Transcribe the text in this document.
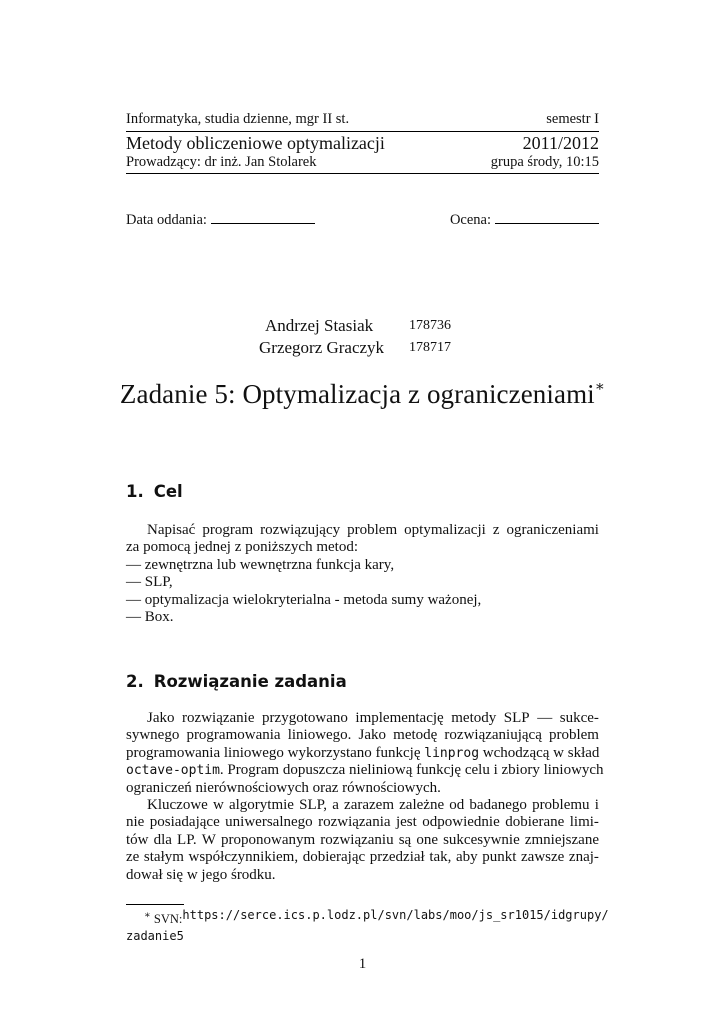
Informatyka, studia dzienne, mgr II st.	semestr I
Metody obliczeniowe optymalizacji	2011/2012
Prowadzący: dr inż. Jan Stolarek	grupa środy, 10:15
Data oddania:	Ocena:
Andrzej Stasiak	178736
Grzegorz Graczyk 178717
Zadanie 5: Optymalizacja z ograniczeniami∗
1. Cel
Napisać program rozwiązujący problem optymalizacji z ograniczeniami
za pomocą jednej z poniższych metod:
— zewnętrzna lub wewnętrzna funkcja kary,
— SLP,
— optymalizacja wielokryterialna - metoda sumy ważonej,
— Box.
2. Rozwiązanie zadania
Jako rozwiązanie przygotowano implementację metody SLP — sukce-
sywnego programowania liniowego. Jako metodę rozwiązaniującą problem
programowania liniowego wykorzystano funkcję linprog wchodzącą w skład
octave-optim. Program dopuszcza nieliniową funkcję celu i zbiory liniowych
ograniczeń nierównościowych oraz równościowych.
Kluczowe w algorytmie SLP, a zarazem zależne od badanego problemu i
nie posiadające uniwersalnego rozwiązania jest odpowiednie dobierane limi-
tów dla LP. W proponowanym rozwiązaniu są one sukcesywnie zmniejszane
ze stałym współczynnikiem, dobierając przedział tak, aby punkt zawsze znaj-
dował się w jego środku.
∗ SVN: https://serce.ics.p.lodz.pl/svn/labs/moo/js_sr1015/idgrupy/
zadanie5
1
